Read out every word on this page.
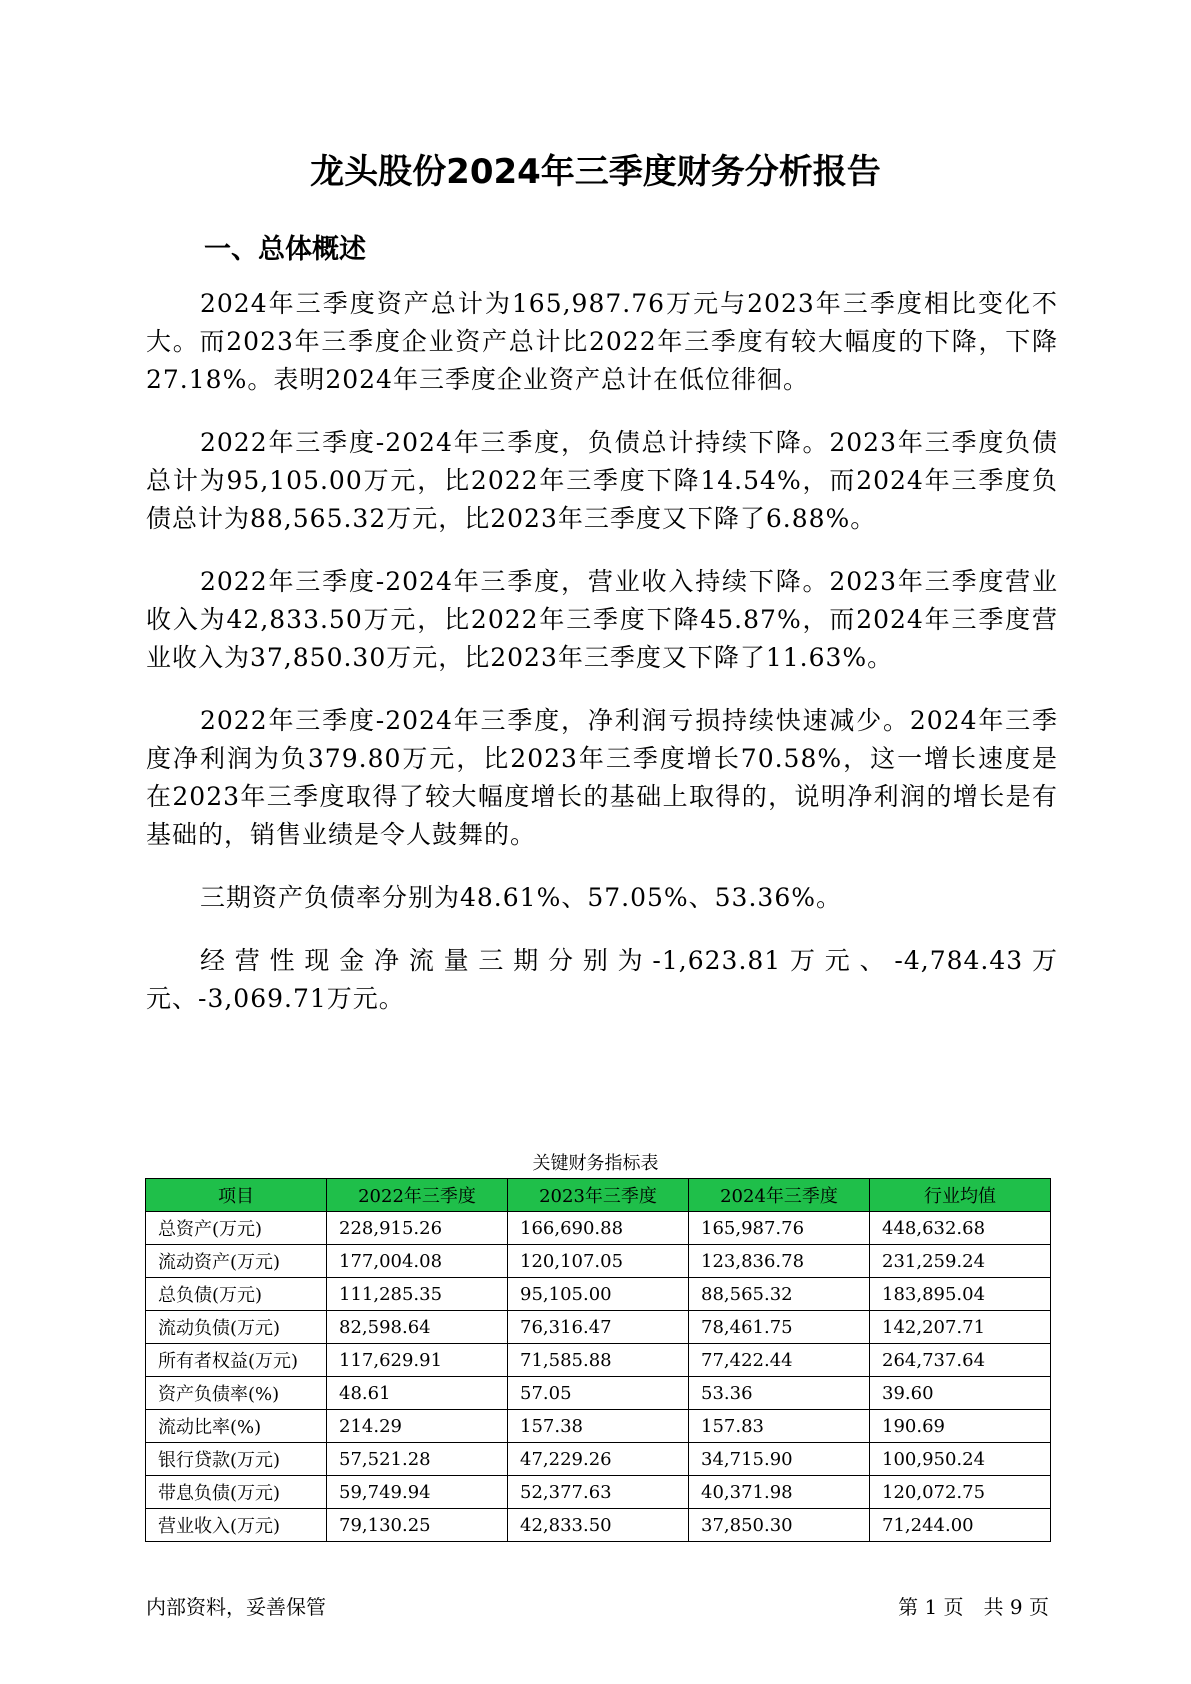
龙头股份2024年三季度财务分析报告
一、总体概述

2024年三季度资产总计为165,987.76万元与2023年三季度相比变化不大。而2023年三季度企业资产总计比2022年三季度有较大幅度的下降，下降27.18%。表明2024年三季度企业资产总计在低位徘徊。

2022年三季度-2024年三季度，负债总计持续下降。2023年三季度负债总计为95,105.00万元，比2022年三季度下降14.54%，而2024年三季度负债总计为88,565.32万元，比2023年三季度又下降了6.88%。

2022年三季度-2024年三季度，营业收入持续下降。2023年三季度营业收入为42,833.50万元，比2022年三季度下降45.87%，而2024年三季度营业收入为37,850.30万元，比2023年三季度又下降了11.63%。

2022年三季度-2024年三季度，净利润亏损持续快速减少。2024年三季度净利润为负379.80万元，比2023年三季度增长70.58%，这一增长速度是在2023年三季度取得了较大幅度增长的基础上取得的，说明净利润的增长是有基础的，销售业绩是令人鼓舞的。

三期资产负债率分别为48.61%、57.05%、53.36%。

经营性现金净流量三期分别为-1,623.81万元、-4,784.43万元、-3,069.71万元。

关键财务指标表
项目	2022年三季度	2023年三季度	2024年三季度	行业均值
总资产(万元)	228,915.26	166,690.88	165,987.76	448,632.68
流动资产(万元)	177,004.08	120,107.05	123,836.78	231,259.24
总负债(万元)	111,285.35	95,105.00	88,565.32	183,895.04
流动负债(万元)	82,598.64	76,316.47	78,461.75	142,207.71
所有者权益(万元)	117,629.91	71,585.88	77,422.44	264,737.64
资产负债率(%)	48.61	57.05	53.36	39.60
流动比率(%)	214.29	157.38	157.83	190.69
银行贷款(万元)	57,521.28	47,229.26	34,715.90	100,950.24
带息负债(万元)	59,749.94	52,377.63	40,371.98	120,072.75
营业收入(万元)	79,130.25	42,833.50	37,850.30	71,244.00
内部资料，妥善保管	第 1 页　共 9 页
